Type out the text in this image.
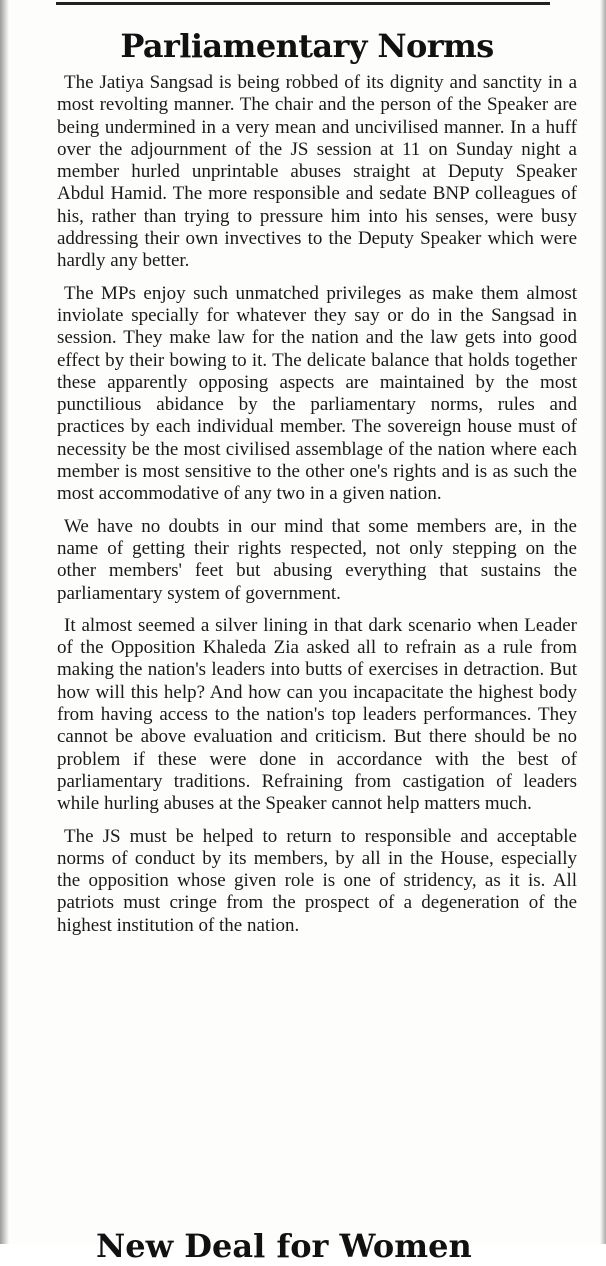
Parliamentary Norms

The Jatiya Sangsad is being robbed of its dignity and sanctity in a most revolting manner. The chair and the person of the Speaker are being undermined in a very mean and uncivilised manner. In a huff over the adjournment of the JS session at 11 on Sunday night a member hurled unprintable abuses straight at Deputy Speaker Abdul Hamid. The more responsible and sedate BNP colleagues of his, rather than trying to pressure him into his senses, were busy addressing their own invectives to the Deputy Speaker which were hardly any better.

The MPs enjoy such unmatched privileges as make them almost inviolate specially for whatever they say or do in the Sangsad in session. They make law for the nation and the law gets into good effect by their bowing to it. The delicate balance that holds together these apparently opposing aspects are maintained by the most punctilious abidance by the parliamentary norms, rules and practices by each individual member. The sovereign house must of necessity be the most civilised assemblage of the nation where each member is most sensitive to the other one's rights and is as such the most accommodative of any two in a given nation.

We have no doubts in our mind that some members are, in the name of getting their rights respected, not only stepping on the other members' feet but abusing everything that sustains the parliamentary system of government.

It almost seemed a silver lining in that dark scenario when Leader of the Opposition Khaleda Zia asked all to refrain as a rule from making the nation's leaders into butts of exercises in detraction. But how will this help? And how can you incapacitate the highest body from having access to the nation's top leaders performances. They cannot be above evaluation and criticism. But there should be no problem if these were done in accordance with the best of parliamentary traditions. Refraining from castigation of leaders while hurling abuses at the Speaker cannot help matters much.

The JS must be helped to return to responsible and acceptable norms of conduct by its members, by all in the House, especially the opposition whose given role is one of stridency, as it is. All patriots must cringe from the prospect of a degeneration of the highest institution of the nation.

New Deal for Women
